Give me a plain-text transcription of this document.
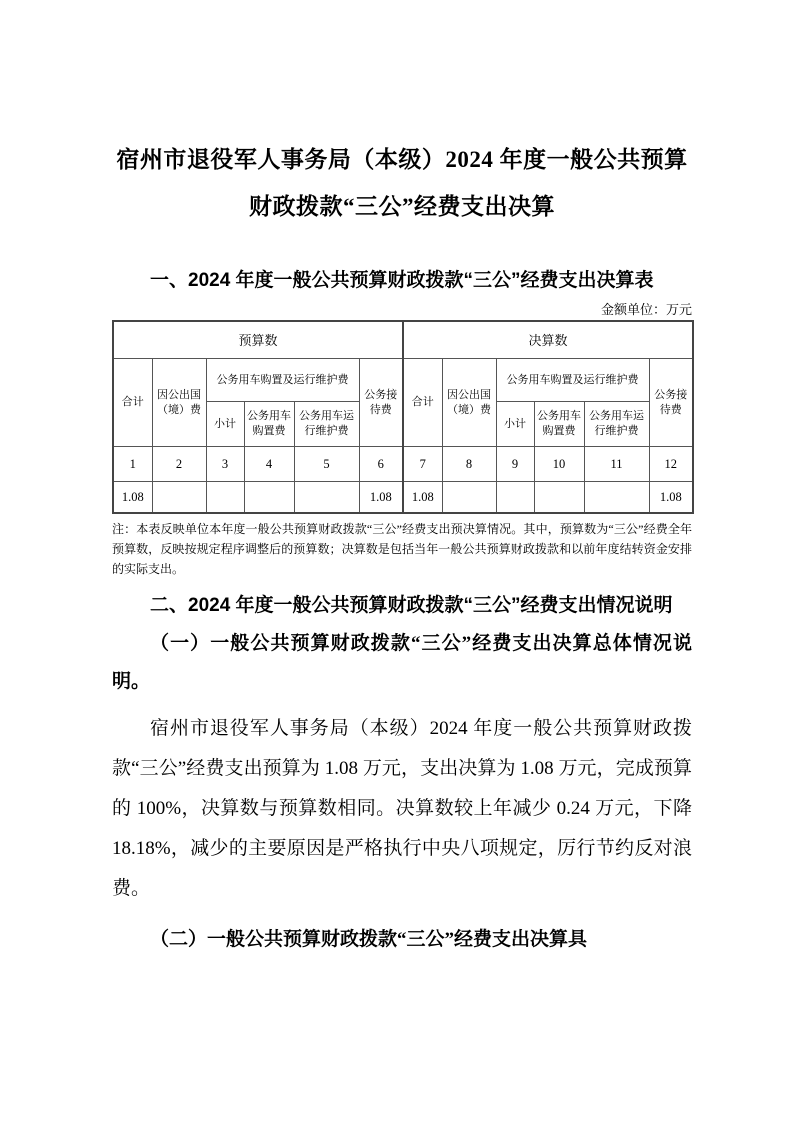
宿州市退役军人事务局（本级）2024 年度一般公共预算财政拨款“三公”经费支出决算

一、2024 年度一般公共预算财政拨款“三公”经费支出决算表

金额单位：万元
预算数						决算数					
合计	因公出国（境）费	公务用车购置及运行维护费			公务接待费	合计	因公出国（境）费	公务用车购置及运行维护费			公务接待费
		小计	公务用车购置费	公务用车运行维护费				小计	公务用车购置费	公务用车运行维护费	
1	2	3	4	5	6	7	8	9	10	11	12
1.08					1.08	1.08					1.08

注：本表反映单位本年度一般公共预算财政拨款“三公”经费支出预决算情况。其中，预算数为“三公”经费全年预算数，反映按规定程序调整后的预算数；决算数是包括当年一般公共预算财政拨款和以前年度结转资金安排的实际支出。

二、2024 年度一般公共预算财政拨款“三公”经费支出情况说明

（一）一般公共预算财政拨款“三公”经费支出决算总体情况说明。

宿州市退役军人事务局（本级）2024 年度一般公共预算财政拨款“三公”经费支出预算为 1.08 万元，支出决算为 1.08 万元，完成预算的 100%，决算数与预算数相同。决算数较上年减少 0.24 万元，下降 18.18%，减少的主要原因是严格执行中央八项规定，厉行节约反对浪费。

（二）一般公共预算财政拨款“三公”经费支出决算具
